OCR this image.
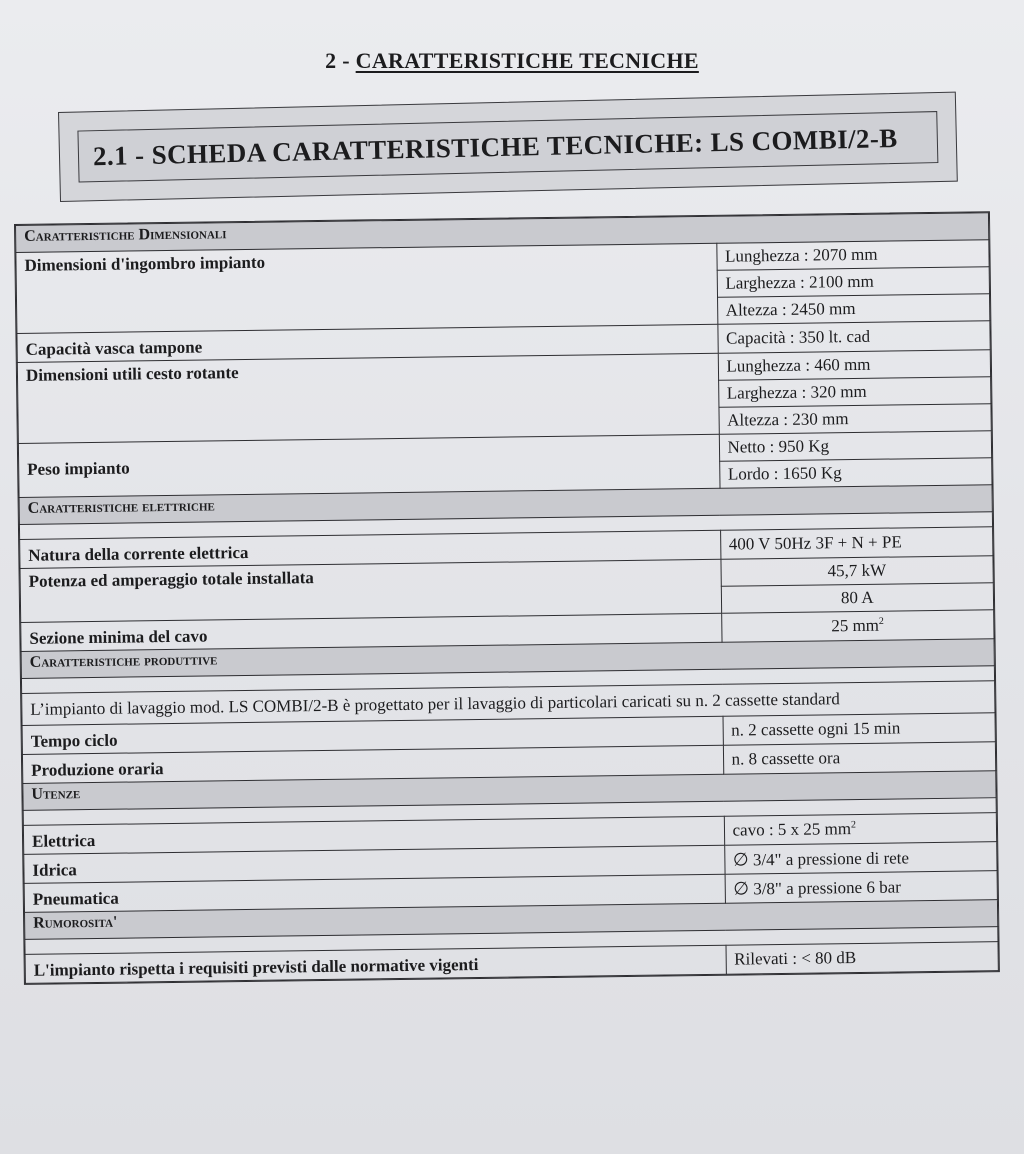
2 - CARATTERISTICHE TECNICHE
2.1 - SCHEDA CARATTERISTICHE TECNICHE: LS COMBI/2-B
Caratteristiche Dimensionali	
Dimensioni d'ingombro impianto	Lunghezza : 2070 mm
	Larghezza : 2100 mm
	Altezza : 2450 mm
Capacità vasca tampone	Capacità : 350 lt. cad
Dimensioni utili cesto rotante	Lunghezza : 460 mm
	Larghezza : 320 mm
	Altezza : 230 mm
Peso impianto	Netto : 950 Kg
	Lordo : 1650 Kg
Caratteristiche elettriche	

Natura della corrente elettrica	400 V 50Hz 3F + N + PE
Potenza ed amperaggio totale installata	45,7 kW
	80 A
Sezione minima del cavo	25 $mm^2$
Caratteristiche produttive	

L’impianto di lavaggio mod. LS COMBI/2-B è progettato per il lavaggio di particolari caricati su n. 2 cassette standard	
Tempo ciclo	n. 2 cassette ogni 15 min
Produzione oraria	n. 8 cassette ora
Utenze	

Elettrica	cavo : 5 x 25 $mm^2$
Idrica	∅ 3/4" a pressione di rete
Pneumatica	∅ 3/8" a pressione 6 bar
Rumorosita'	

L'impianto rispetta i requisiti previsti dalle normative vigenti	Rilevati : < 80 dB
